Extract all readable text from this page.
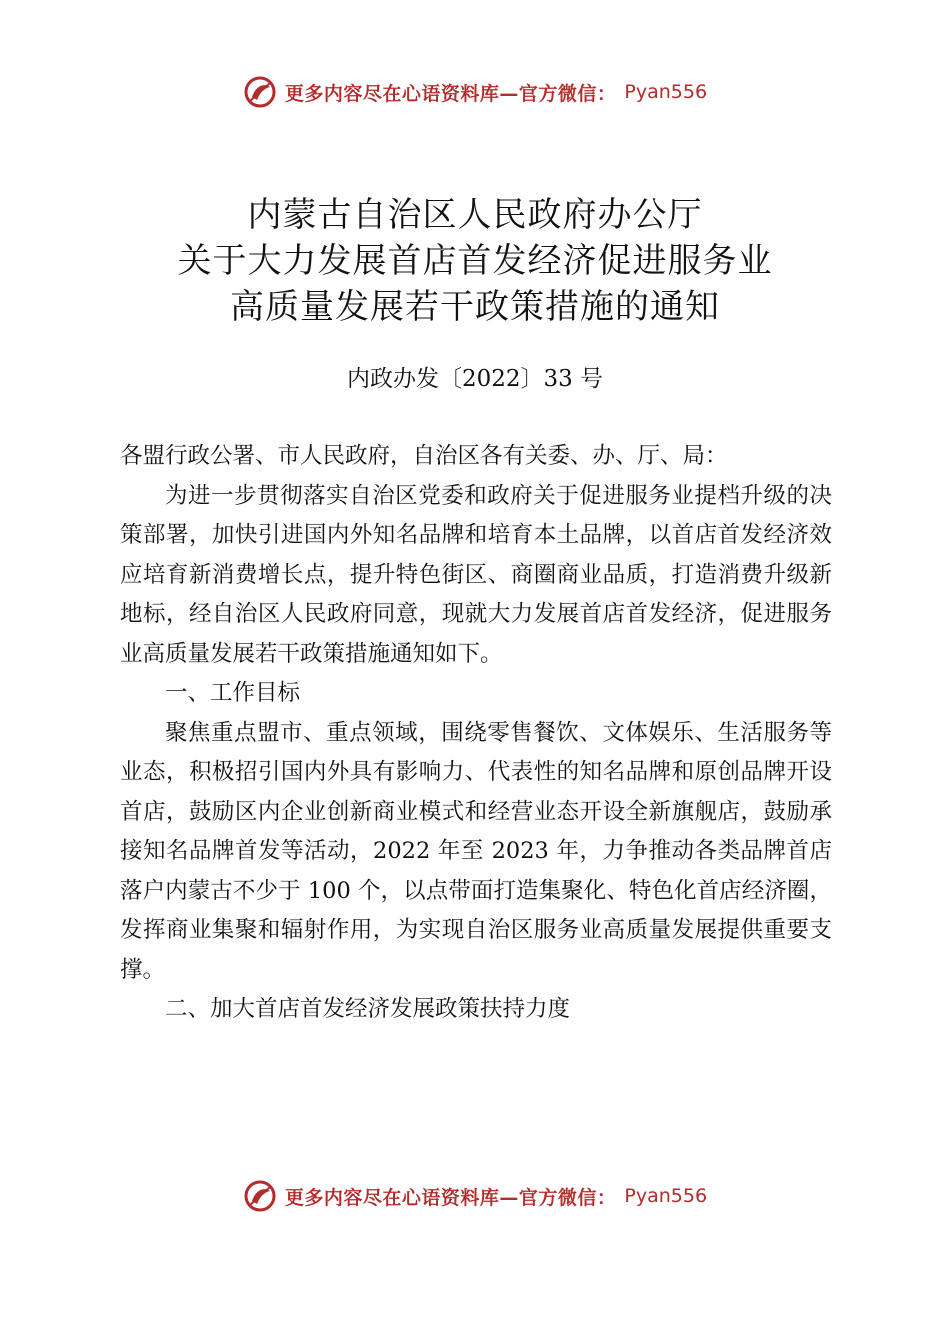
更多内容尽在心语资料库—官方微信： Pyan556
内蒙古自治区人民政府办公厅
关于大力发展首店首发经济促进服务业
高质量发展若干政策措施的通知
内政办发〔2022〕33 号

各盟行政公署、市人民政府，自治区各有关委、办、厅、局：

为进一步贯彻落实自治区党委和政府关于促进服务业提档升级的决策部署，加快引进国内外知名品牌和培育本土品牌，以首店首发经济效应培育新消费增长点，提升特色街区、商圈商业品质，打造消费升级新地标，经自治区人民政府同意，现就大力发展首店首发经济，促进服务业高质量发展若干政策措施通知如下。

一、工作目标

聚焦重点盟市、重点领域，围绕零售餐饮、文体娱乐、生活服务等业态，积极招引国内外具有影响力、代表性的知名品牌和原创品牌开设首店，鼓励区内企业创新商业模式和经营业态开设全新旗舰店，鼓励承接知名品牌首发等活动，2022 年至 2023 年，力争推动各类品牌首店落户内蒙古不少于 100 个，以点带面打造集聚化、特色化首店经济圈，发挥商业集聚和辐射作用，为实现自治区服务业高质量发展提供重要支撑。

二、加大首店首发经济发展政策扶持力度

更多内容尽在心语资料库—官方微信： Pyan556
